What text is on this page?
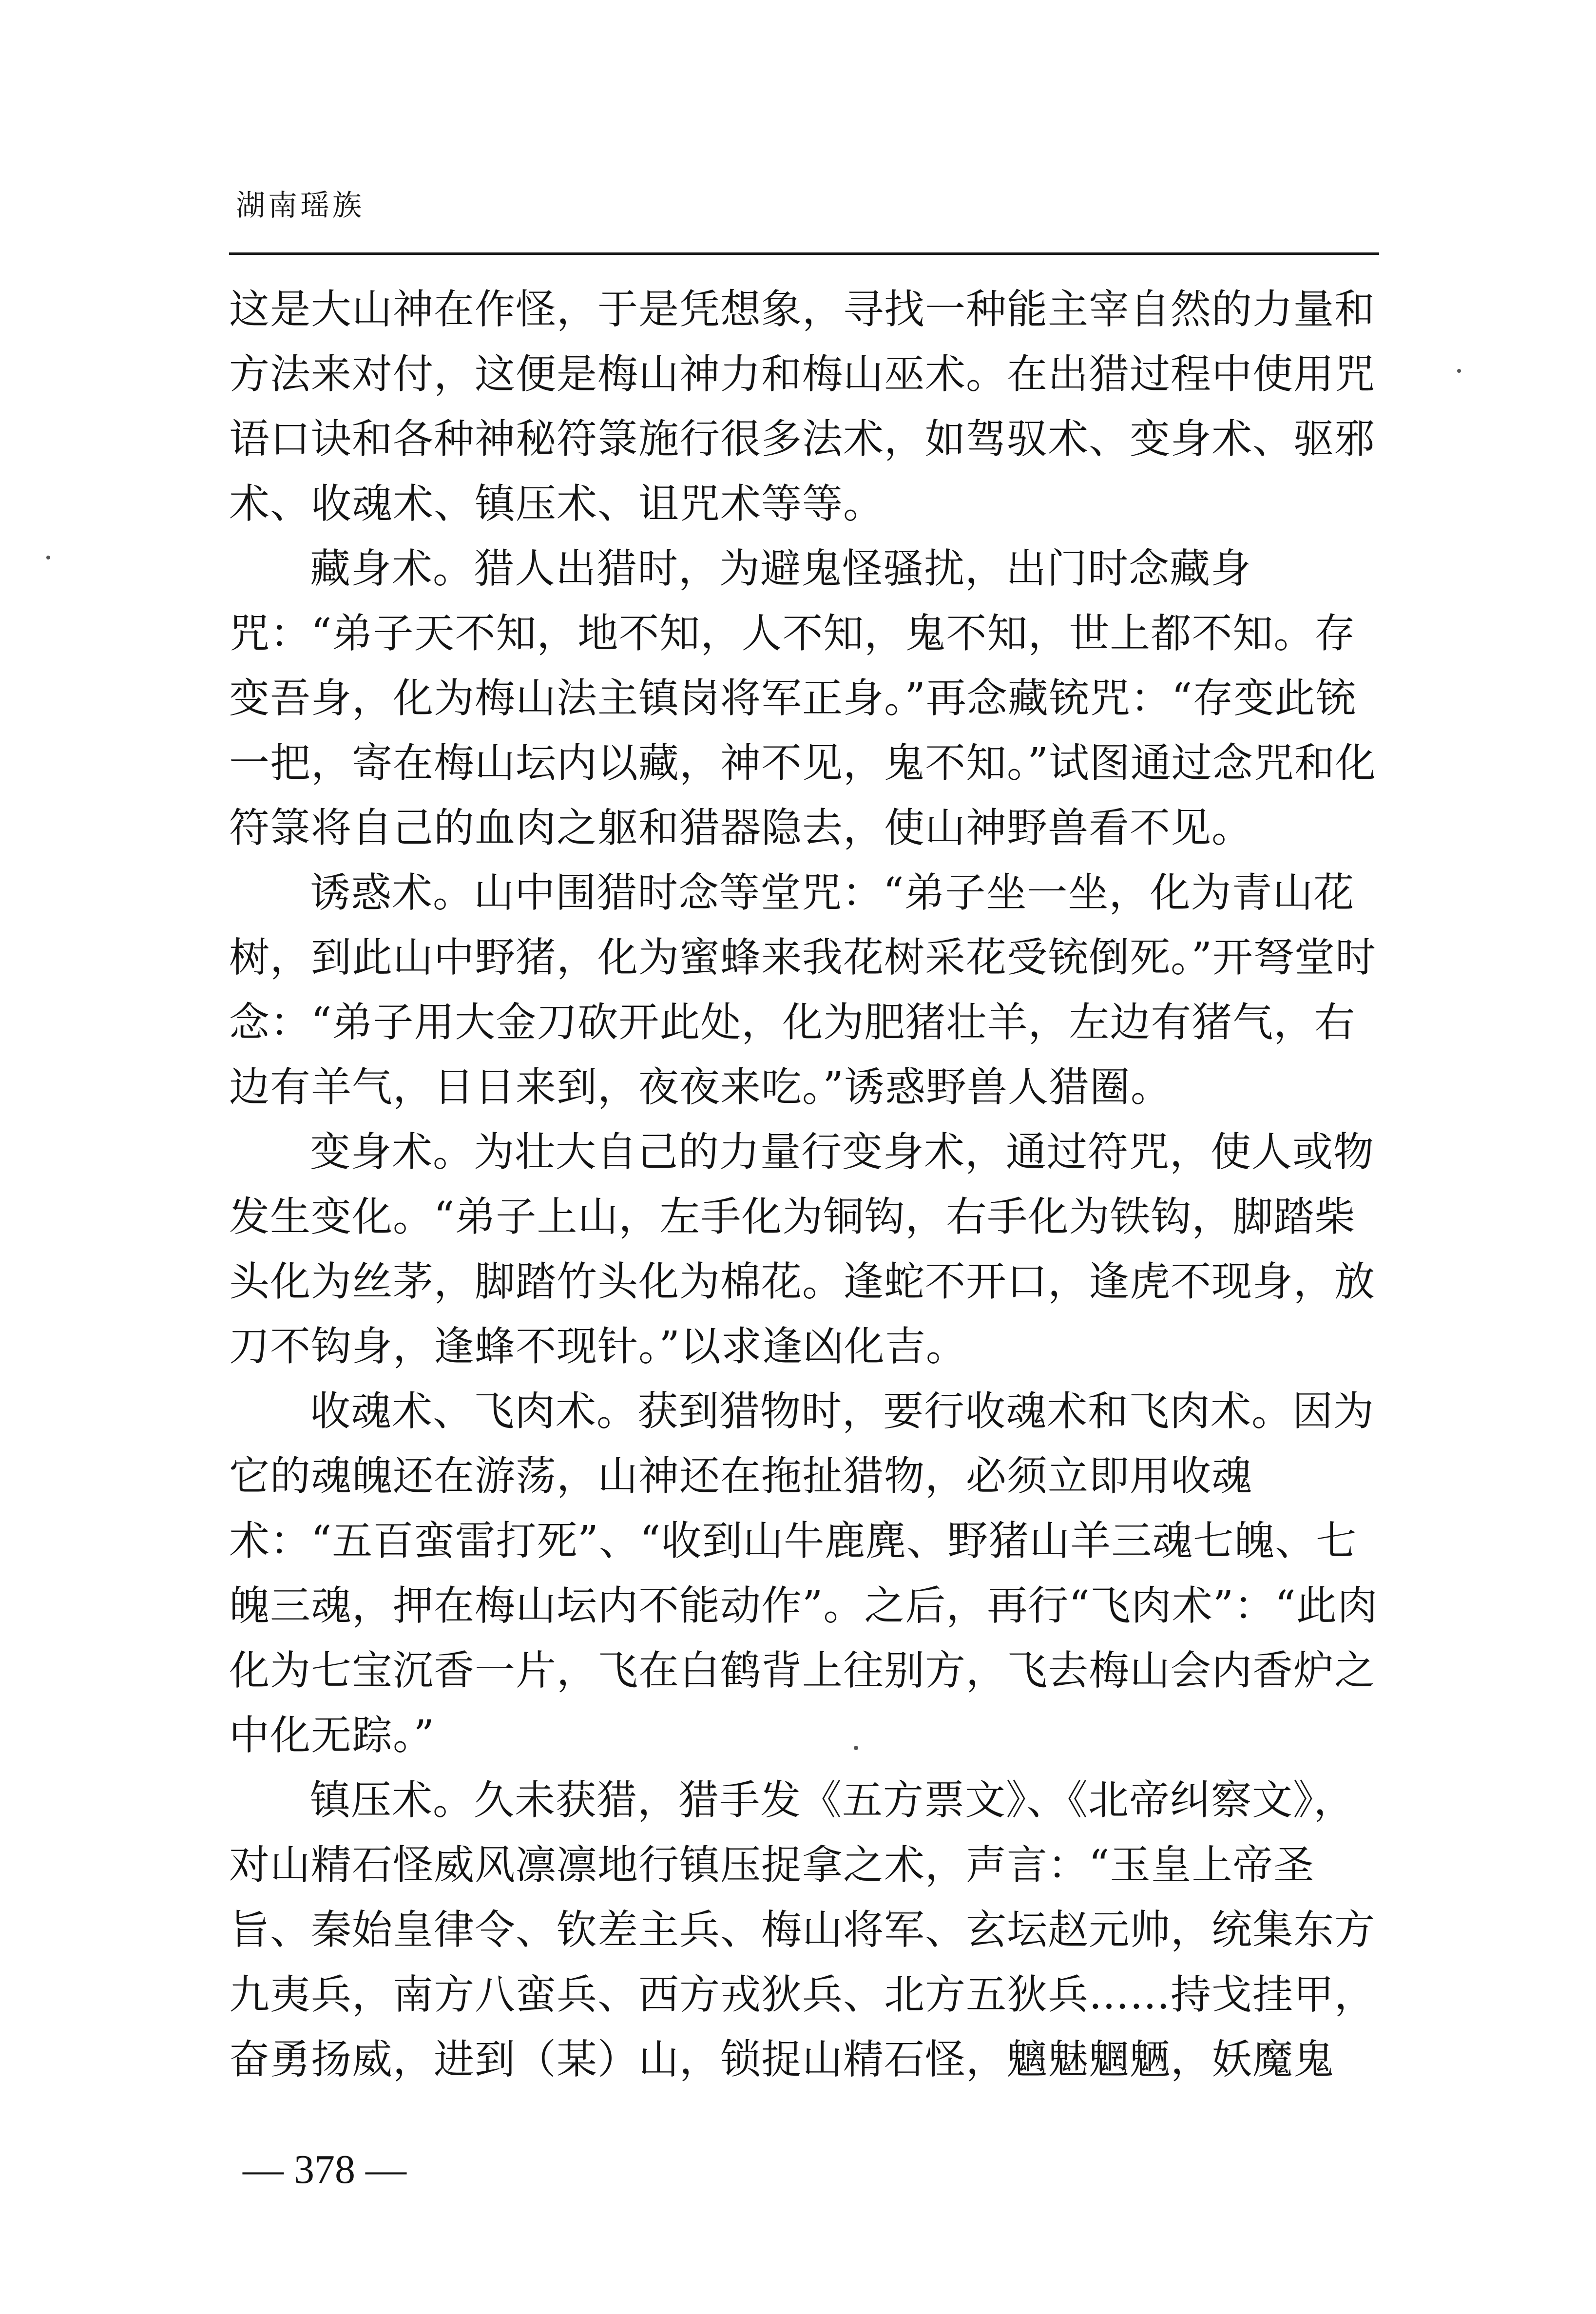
湖南瑶族

这是大山神在作怪，于是凭想象，寻找一种能主宰自然的力量和方法来对付，这便是梅山神力和梅山巫术。在出猎过程中使用咒语口诀和各种神秘符箓施行很多法术，如驾驭术、变身术、驱邪术、收魂术、镇压术、诅咒术等等。

藏身术。猎人出猎时，为避鬼怪骚扰，出门时念藏身咒：“弟子天不知，地不知，人不知，鬼不知，世上都不知。存变吾身，化为梅山法主镇岗将军正身。”再念藏铳咒：“存变此铳一把，寄在梅山坛内以藏，神不见，鬼不知。”试图通过念咒和化符箓将自己的血肉之躯和猎器隐去，使山神野兽看不见。

诱惑术。山中围猎时念等堂咒：“弟子坐一坐，化为青山花树，到此山中野猪，化为蜜蜂来我花树采花受铳倒死。”开弩堂时念：“弟子用大金刀砍开此处，化为肥猪壮羊，左边有猪气，右边有羊气，日日来到，夜夜来吃。”诱惑野兽人猎圈。

变身术。为壮大自己的力量行变身术，通过符咒，使人或物发生变化。“弟子上山，左手化为铜钩，右手化为铁钩，脚踏柴头化为丝茅，脚踏竹头化为棉花。逢蛇不开口，逢虎不现身，放刀不钩身，逢蜂不现针。”以求逢凶化吉。

收魂术、飞肉术。获到猎物时，要行收魂术和飞肉术。因为它的魂魄还在游荡，山神还在拖扯猎物，必须立即用收魂术：“五百蛮雷打死”、“收到山牛鹿麂、野猪山羊三魂七魄、七魄三魂，押在梅山坛内不能动作”。之后，再行“飞肉术”：“此肉化为七宝沉香一片，飞在白鹤背上往别方，飞去梅山会内香炉之中化无踪。”

镇压术。久未获猎，猎手发《五方票文》、《北帝纠察文》，对山精石怪威风凛凛地行镇压捉拿之术，声言：“玉皇上帝圣旨、秦始皇律令、钦差主兵、梅山将军、玄坛赵元帅，统集东方九夷兵，南方八蛮兵、西方戎狄兵、北方五狄兵……持戈挂甲，奋勇扬威，进到（某）山，锁捉山精石怪，魑魅魍魉，妖魔鬼

— 378 —
